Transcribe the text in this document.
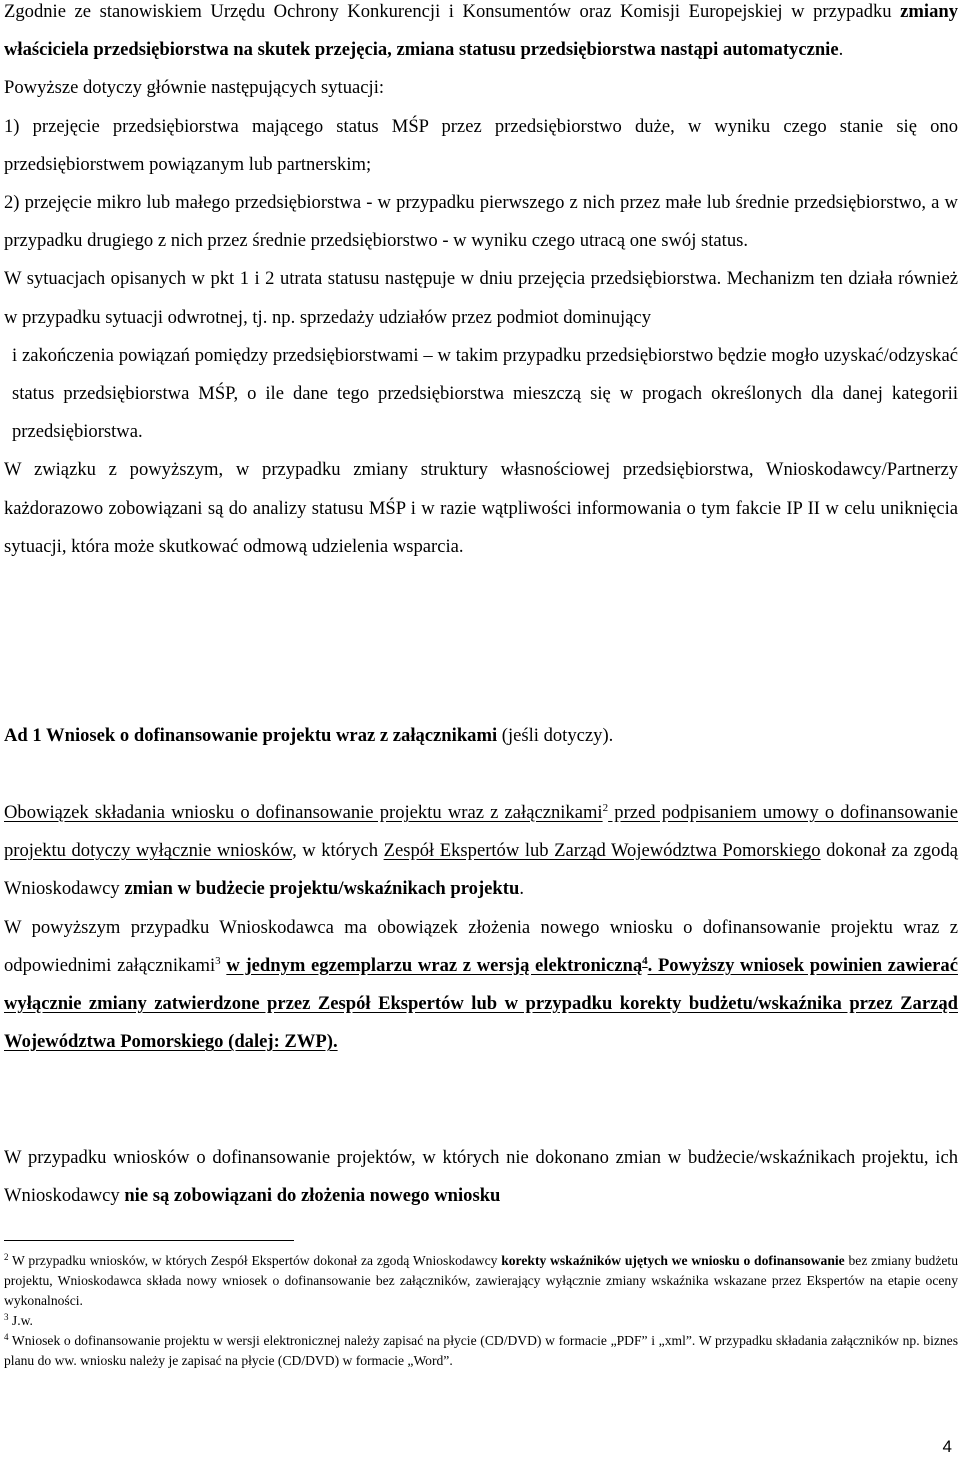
Zgodnie ze stanowiskiem Urzędu Ochrony Konkurencji i Konsumentów oraz Komisji Europejskiej w przypadku zmiany właściciela przedsiębiorstwa na skutek przejęcia, zmiana statusu przedsiębiorstwa nastąpi automatycznie.

Powyższe dotyczy głównie następujących sytuacji:

1) przejęcie przedsiębiorstwa mającego status MŚP przez przedsiębiorstwo duże, w wyniku czego stanie się ono przedsiębiorstwem powiązanym lub partnerskim;

2) przejęcie mikro lub małego przedsiębiorstwa - w przypadku pierwszego z nich przez małe lub średnie przedsiębiorstwo, a w przypadku drugiego z nich przez średnie przedsiębiorstwo - w wyniku czego utracą one swój status.

W sytuacjach opisanych w pkt 1 i 2 utrata statusu następuje w dniu przejęcia przedsiębiorstwa. Mechanizm ten działa również w przypadku sytuacji odwrotnej, tj. np. sprzedaży udziałów przez podmiot dominujący

i zakończenia powiązań pomiędzy przedsiębiorstwami – w takim przypadku przedsiębiorstwo będzie mogło uzyskać/odzyskać status przedsiębiorstwa MŚP, o ile dane tego przedsiębiorstwa mieszczą się w progach określonych dla danej kategorii przedsiębiorstwa.

W związku z powyższym, w przypadku zmiany struktury własnościowej przedsiębiorstwa, Wnioskodawcy/Partnerzy każdorazowo zobowiązani są do analizy statusu MŚP i w razie wątpliwości informowania o tym fakcie IP II w celu uniknięcia sytuacji, która może skutkować odmową udzielenia wsparcia.

Ad 1 Wniosek o dofinansowanie projektu wraz z załącznikami (jeśli dotyczy).

Obowiązek składania wniosku o dofinansowanie projektu wraz z załącznikami$^2$ przed podpisaniem umowy o dofinansowanie projektu dotyczy wyłącznie wniosków, w których Zespół Ekspertów lub Zarząd Województwa Pomorskiego dokonał za zgodą Wnioskodawcy zmian w budżecie projektu/wskaźnikach projektu.

W powyższym przypadku Wnioskodawca ma obowiązek złożenia nowego wniosku o dofinansowanie projektu wraz z odpowiednimi załącznikami$^3$ w jednym egzemplarzu wraz z wersją elektroniczną$^4$. Powyższy wniosek powinien zawierać wyłącznie zmiany zatwierdzone przez Zespół Ekspertów lub w przypadku korekty budżetu/wskaźnika przez Zarząd Województwa Pomorskiego (dalej: ZWP).

W przypadku wniosków o dofinansowanie projektów, w których nie dokonano zmian w budżecie/wskaźnikach projektu, ich Wnioskodawcy nie są zobowiązani do złożenia nowego wniosku

$^2$ W przypadku wniosków, w których Zespół Ekspertów dokonał za zgodą Wnioskodawcy korekty wskaźników ujętych we wniosku o dofinansowanie bez zmiany budżetu projektu, Wnioskodawca składa nowy wniosek o dofinansowanie bez załączników, zawierający wyłącznie zmiany wskaźnika wskazane przez Ekspertów na etapie oceny wykonalności.

$^3$ J.w.

$^4$ Wniosek o dofinansowanie projektu w wersji elektronicznej należy zapisać na płycie (CD/DVD) w formacie „PDF” i „xml”. W przypadku składania załączników np. biznes planu do ww. wniosku należy je zapisać na płycie (CD/DVD) w formacie „Word”.

4
